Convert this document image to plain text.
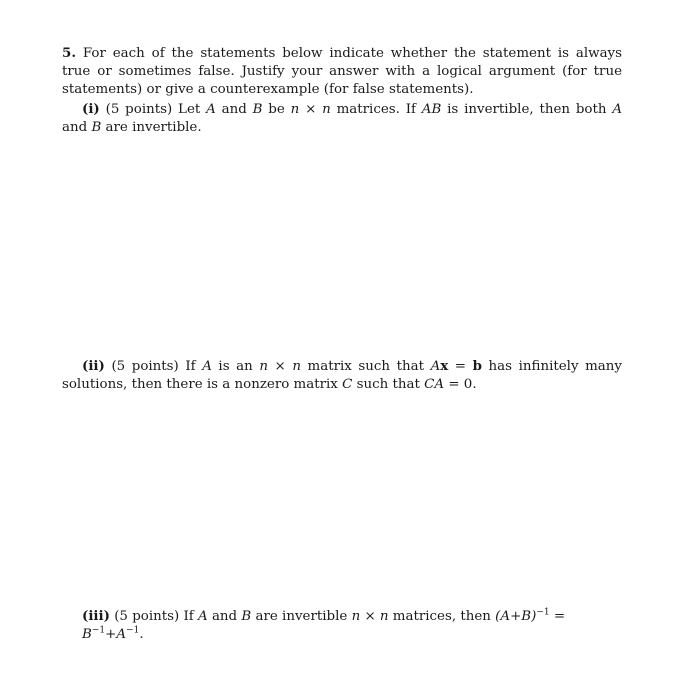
5. For each of the statements below indicate whether the statement is always true or sometimes false. Justify your answer with a logical argument (for true statements) or give a counterexample (for false statements).
(i) (5 points) Let A and B be n × n matrices. If AB is invertible, then both A and B are invertible.
(ii) (5 points) If A is an n × n matrix such that Ax = b has infinitely many solutions, then there is a nonzero matrix C such that CA = 0.
(iii) (5 points) If A and B are invertible n × n matrices, then $(A+B)^{-1} = B^{-1}+A^{-1}$.
